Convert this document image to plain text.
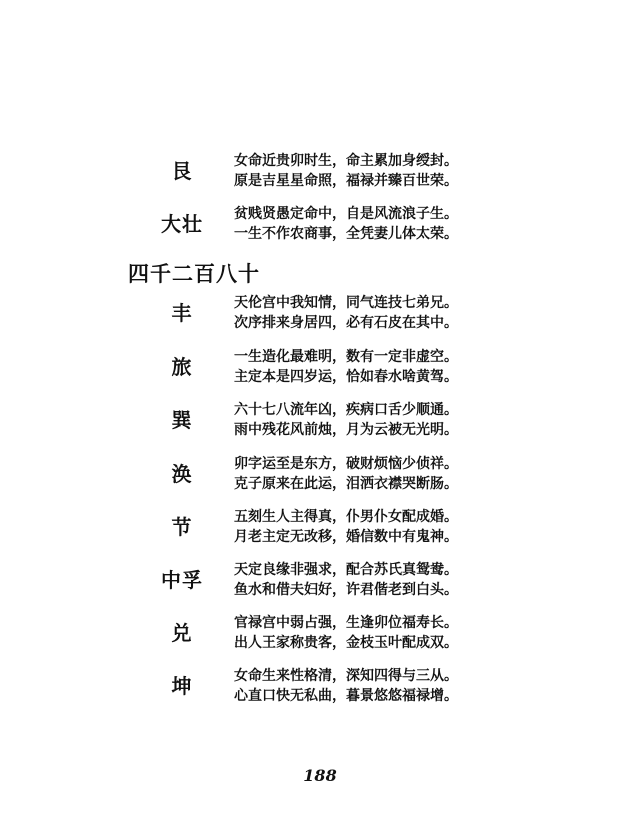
艮	女命近贵卯时生，命主累加身绶封。
原是吉星星命照，福禄并臻百世荣。
大壮	贫贱贤愚定命中，自是风流浪子生。
一生不作农商事，全凭妻儿体太荣。
四千二百八十
丰	天伦宫中我知情，同气连技七弟兄。
次序排来身居四，必有石皮在其中。
旅	一生造化最难明，数有一定非虚空。
主定本是四岁运，恰如春水啥黄驾。
巽	六十七八流年凶，疾病口舌少顺通。
雨中残花风前烛，月为云被无光明。
涣	卯字运至是东方，破财烦恼少侦祥。
克子原来在此运，泪洒衣襟哭断肠。
节	五刻生人主得真，仆男仆女配成婚。
月老主定无改移，婚信数中有鬼神。
中孚	天定良缘非强求，配合苏氏真鸳鸯。
鱼水和借夫妇好，许君偕老到白头。
兑	官禄宫中弱占强，生逢卯位福寿长。
出人王家称贵客，金枝玉叶配成双。
坤	女命生来性格清，深知四得与三从。
心直口快无私曲，暮景悠悠福禄增。
188
